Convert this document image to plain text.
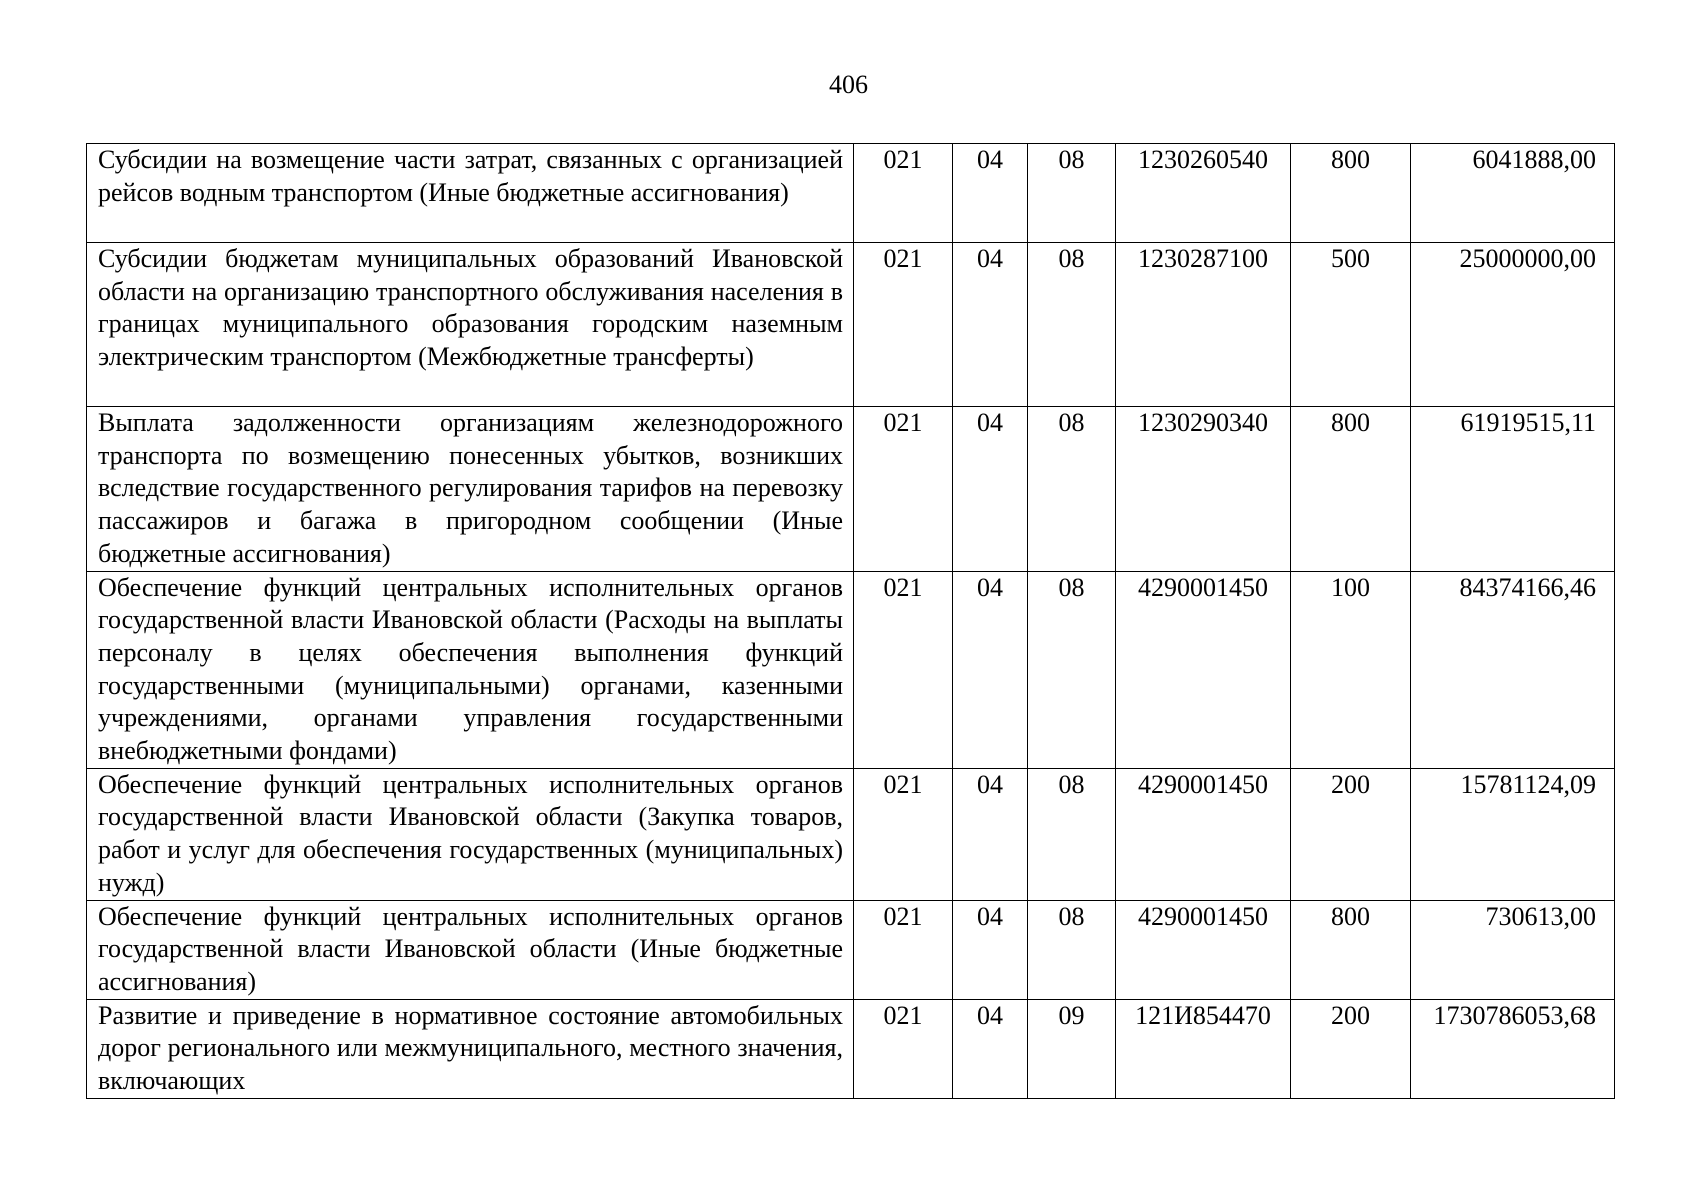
406
Субсидии на возмещение части затрат, связанных с организацией рейсов водным транспортом (Иные бюджетные ассигнования)	021	04	08	1230260540	800	6041888,00
Субсидии бюджетам муниципальных образований Ивановской области на организацию транспортного обслуживания населения в границах муниципального образования городским наземным электрическим транспортом (Межбюджетные трансферты)	021	04	08	1230287100	500	25000000,00
Выплата задолженности организациям железнодорожного транспорта по возмещению понесенных убытков, возникших вследствие государственного регулирования тарифов на перевозку пассажиров и багажа в пригородном сообщении (Иные бюджетные ассигнования)	021	04	08	1230290340	800	61919515,11
Обеспечение функций центральных исполнительных органов государственной власти Ивановской области (Расходы на выплаты персоналу в целях обеспечения выполнения функций государственными (муниципальными) органами, казенными учреждениями, органами управления государственными внебюджетными фондами)	021	04	08	4290001450	100	84374166,46
Обеспечение функций центральных исполнительных органов государственной власти Ивановской области (Закупка товаров, работ и услуг для обеспечения государственных (муниципальных) нужд)	021	04	08	4290001450	200	15781124,09
Обеспечение функций центральных исполнительных органов государственной власти Ивановской области (Иные бюджетные ассигнования)	021	04	08	4290001450	800	730613,00
Развитие и приведение в нормативное состояние автомобильных дорог регионального или межмуниципального, местного значения, включающих	021	04	09	121И854470	200	1730786053,68
